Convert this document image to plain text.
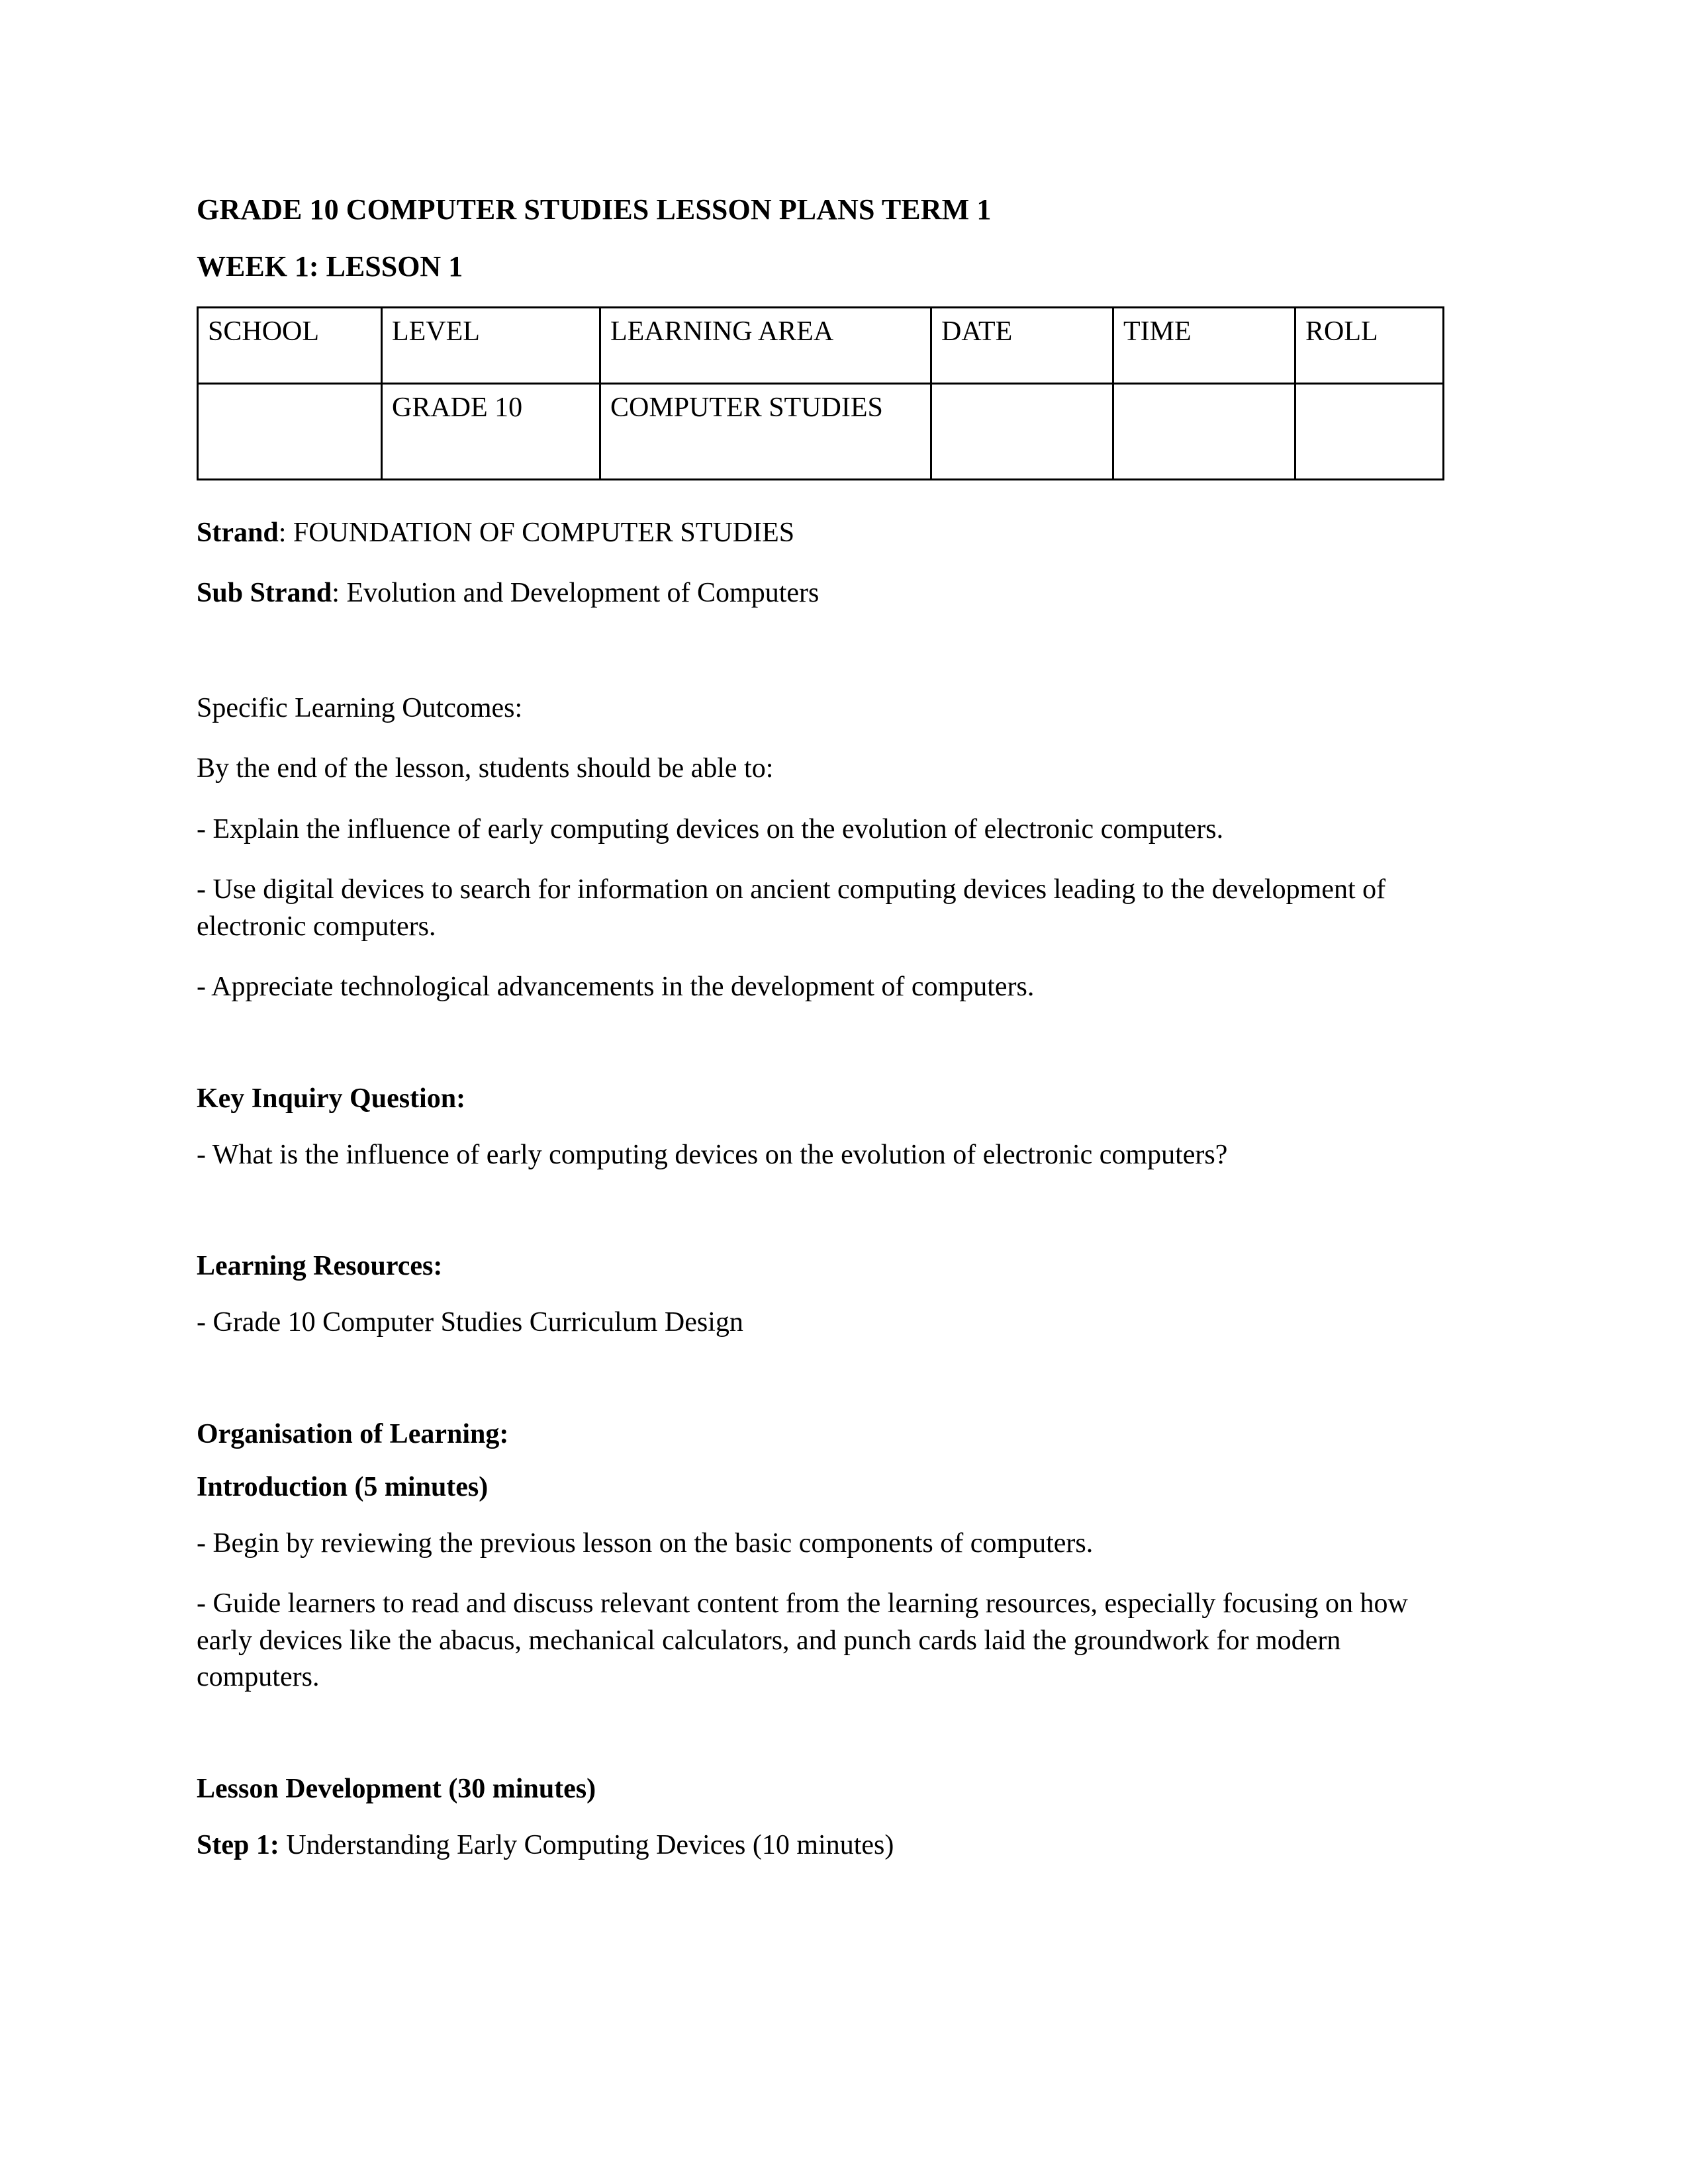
GRADE 10 COMPUTER STUDIES LESSON PLANS TERM 1
WEEK 1: LESSON 1
SCHOOL	LEVEL	LEARNING AREA	DATE	TIME	ROLL
	GRADE 10	COMPUTER STUDIES			

Strand: FOUNDATION OF COMPUTER STUDIES

Sub Strand: Evolution and Development of Computers

Specific Learning Outcomes:

By the end of the lesson, students should be able to:

- Explain the influence of early computing devices on the evolution of electronic computers.

- Use digital devices to search for information on ancient computing devices leading to the development of electronic computers.

- Appreciate technological advancements in the development of computers.

Key Inquiry Question:

- What is the influence of early computing devices on the evolution of electronic computers?

Learning Resources:

- Grade 10 Computer Studies Curriculum Design

Organisation of Learning:
Introduction (5 minutes)

- Begin by reviewing the previous lesson on the basic components of computers.

- Guide learners to read and discuss relevant content from the learning resources, especially focusing on how early devices like the abacus, mechanical calculators, and punch cards laid the groundwork for modern computers.

Lesson Development (30 minutes)

Step 1: Understanding Early Computing Devices (10 minutes)
